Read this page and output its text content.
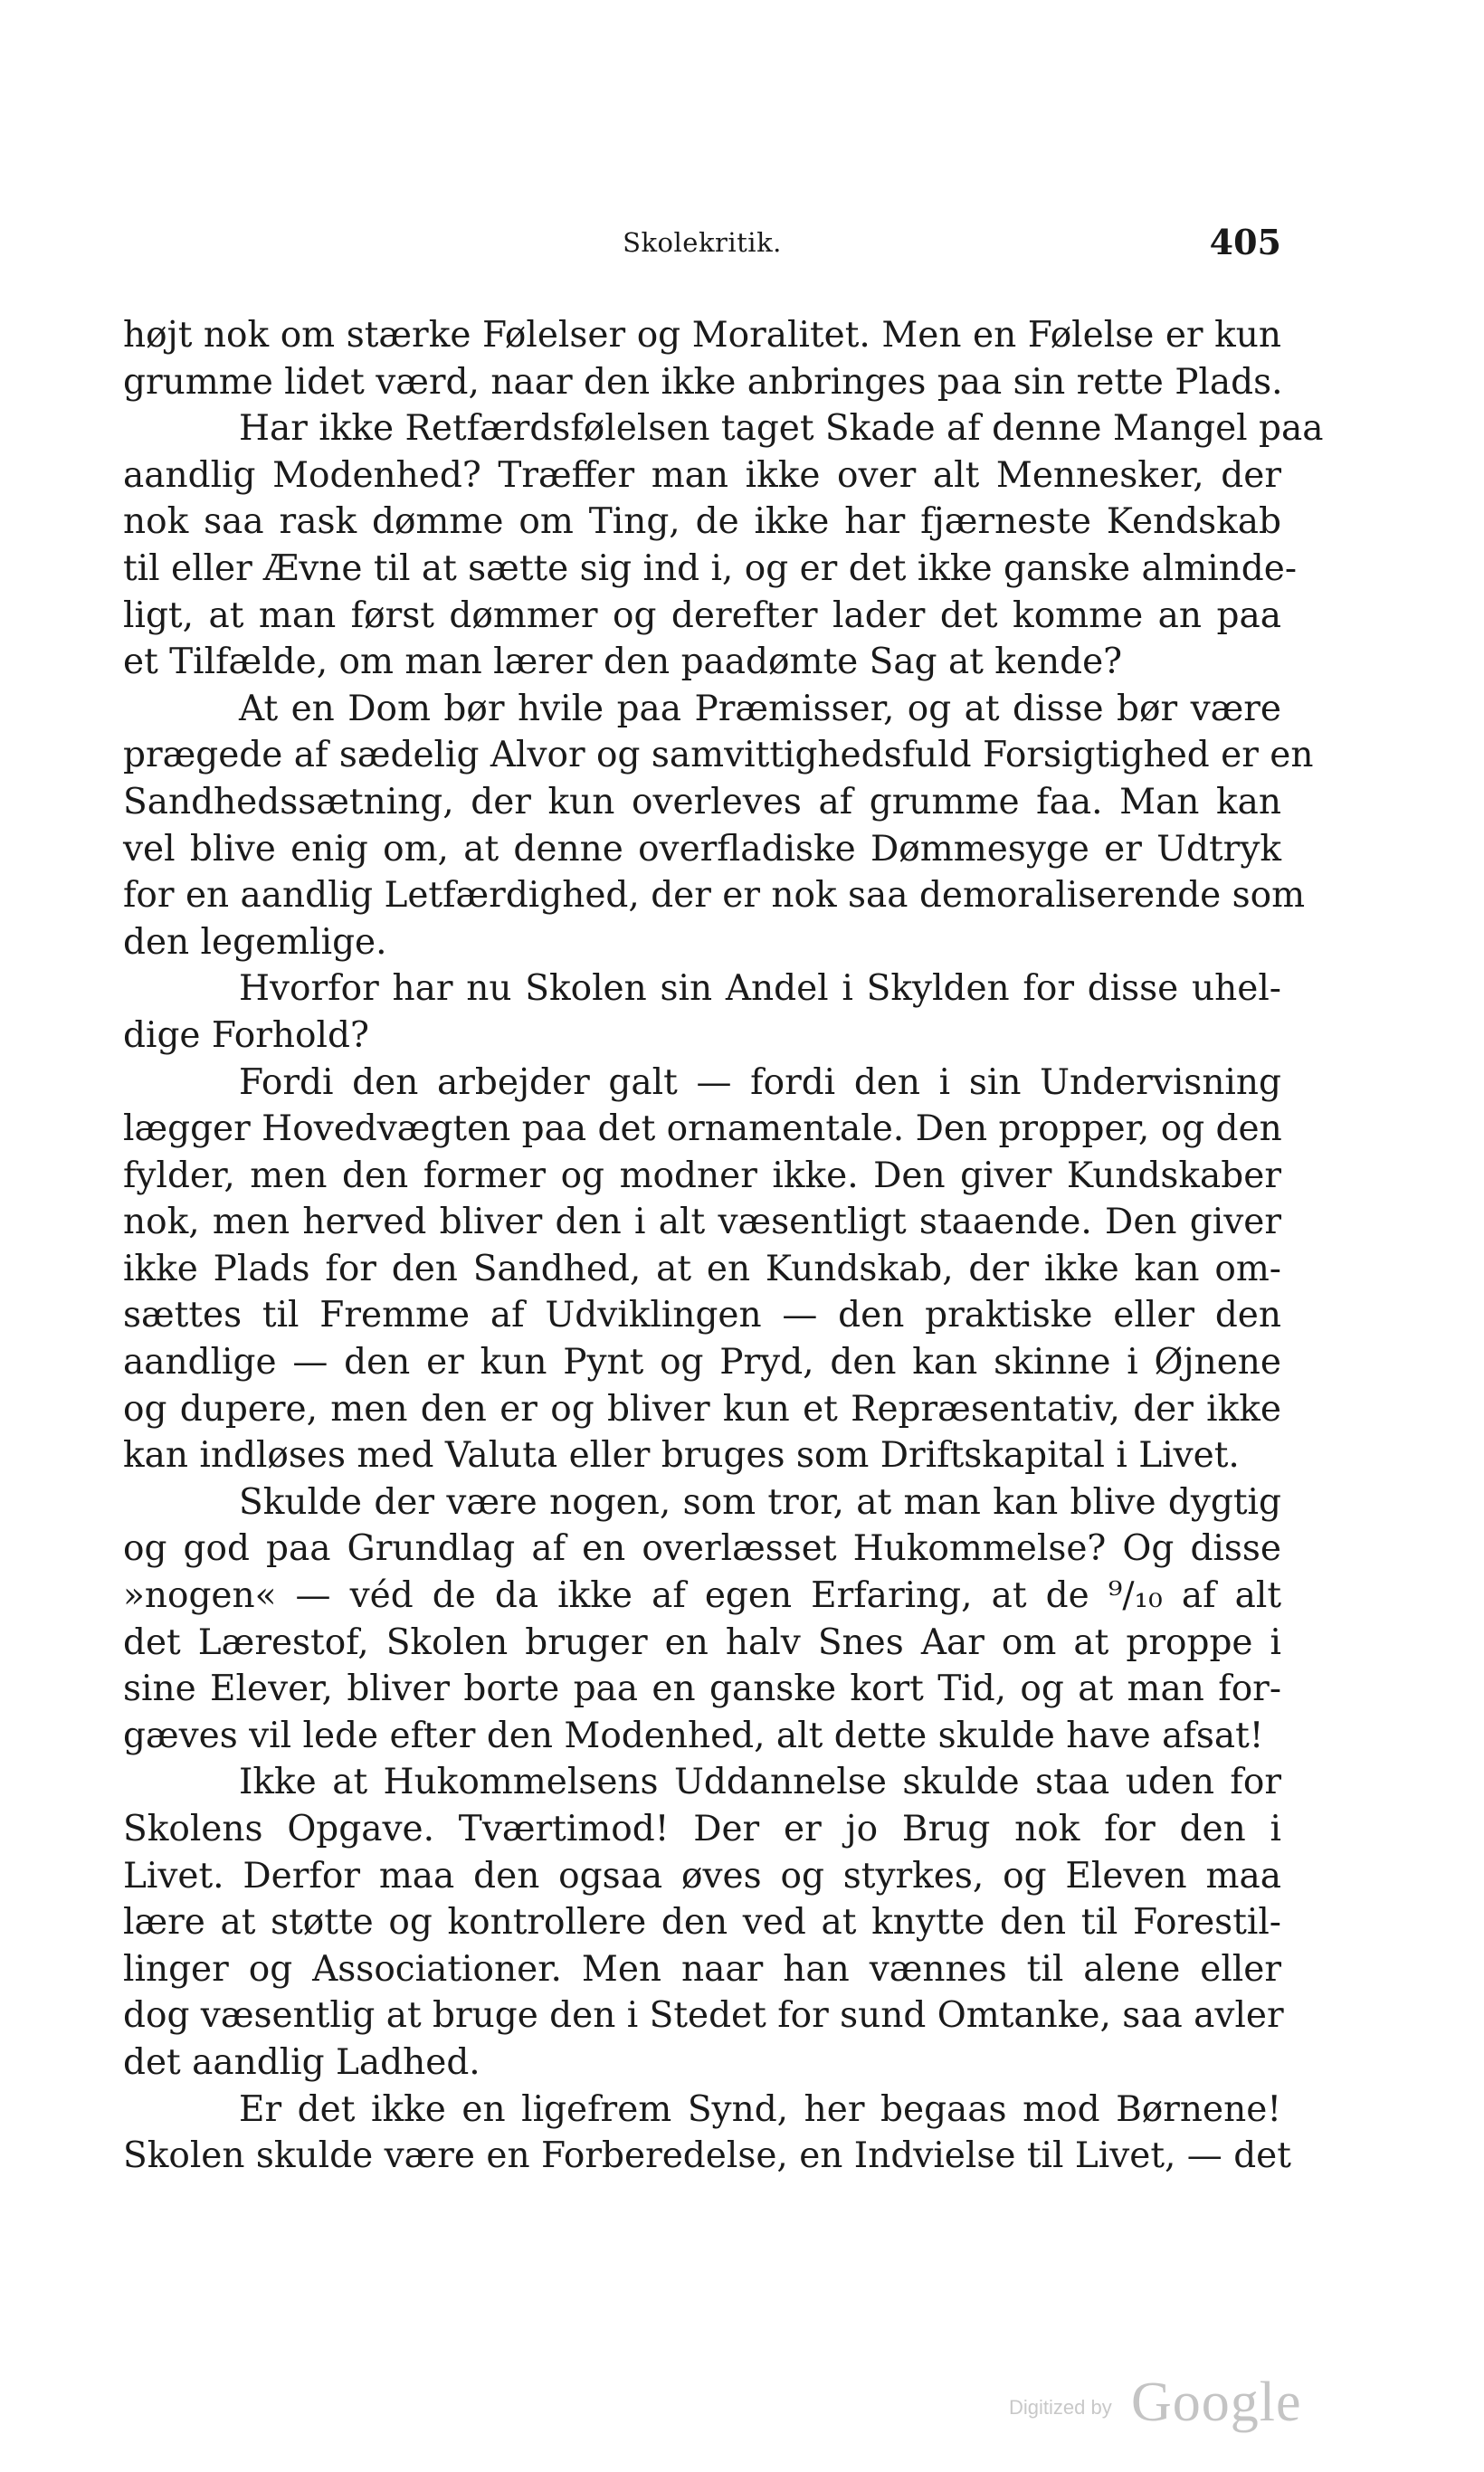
Skolekritik.	405
højt nok om stærke Følelser og Moralitet. Men en Følelse er kun
grumme lidet værd, naar den ikke anbringes paa sin rette Plads.
Har ikke Retfærdsfølelsen taget Skade af denne Mangel paa
aandlig Modenhed? Træffer man ikke over alt Mennesker, der
nok saa rask dømme om Ting, de ikke har fjærneste Kendskab
til eller Ævne til at sætte sig ind i, og er det ikke ganske alminde-
ligt, at man først dømmer og derefter lader det komme an paa
et Tilfælde, om man lærer den paadømte Sag at kende?
At en Dom bør hvile paa Præmisser, og at disse bør være
prægede af sædelig Alvor og samvittighedsfuld Forsigtighed er en
Sandhedssætning, der kun overleves af grumme faa. Man kan
vel blive enig om, at denne overfladiske Dømmesyge er Udtryk
for en aandlig Letfærdighed, der er nok saa demoraliserende som
den legemlige.
Hvorfor har nu Skolen sin Andel i Skylden for disse uhel-
dige Forhold?
Fordi den arbejder galt — fordi den i sin Undervisning
lægger Hovedvægten paa det ornamentale. Den propper, og den
fylder, men den former og modner ikke. Den giver Kundskaber
nok, men herved bliver den i alt væsentligt staaende. Den giver
ikke Plads for den Sandhed, at en Kundskab, der ikke kan om-
sættes til Fremme af Udviklingen — den praktiske eller den
aandlige — den er kun Pynt og Pryd, den kan skinne i Øjnene
og dupere, men den er og bliver kun et Repræsentativ, der ikke
kan indløses med Valuta eller bruges som Driftskapital i Livet.
Skulde der være nogen, som tror, at man kan blive dygtig
og god paa Grundlag af en overlæsset Hukommelse? Og disse
»nogen« — véd de da ikke af egen Erfaring, at de ⁹/₁₀ af alt
det Lærestof, Skolen bruger en halv Snes Aar om at proppe i
sine Elever, bliver borte paa en ganske kort Tid, og at man for-
gæves vil lede efter den Modenhed, alt dette skulde have afsat!
Ikke at Hukommelsens Uddannelse skulde staa uden for
Skolens Opgave. Tværtimod! Der er jo Brug nok for den i
Livet. Derfor maa den ogsaa øves og styrkes, og Eleven maa
lære at støtte og kontrollere den ved at knytte den til Forestil-
linger og Associationer. Men naar han vænnes til alene eller
dog væsentlig at bruge den i Stedet for sund Omtanke, saa avler
det aandlig Ladhed.
Er det ikke en ligefrem Synd, her begaas mod Børnene!
Skolen skulde være en Forberedelse, en Indvielse til Livet, — det
Digitized by Google
